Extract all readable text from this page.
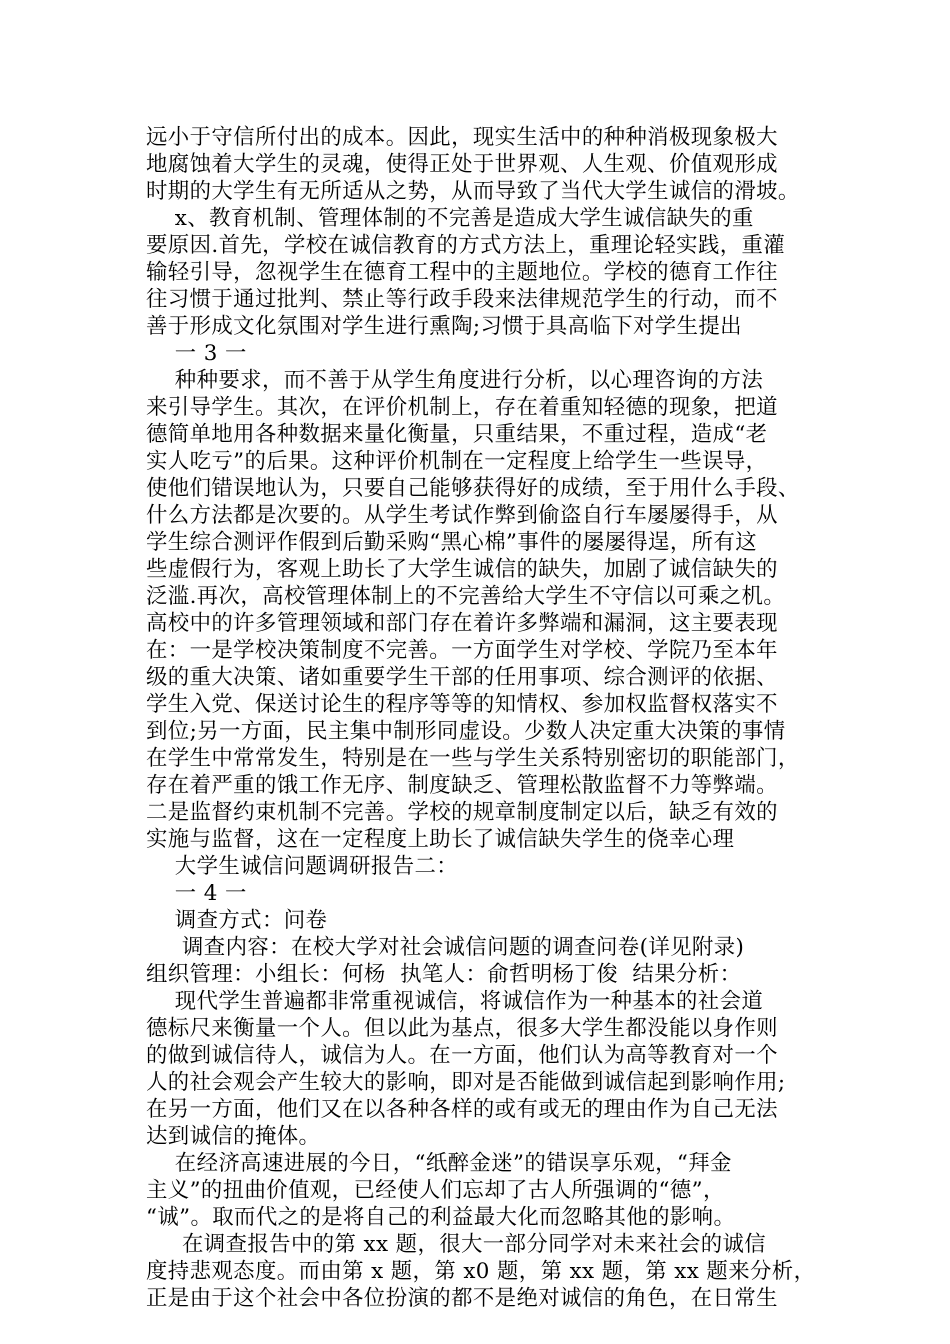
远小于守信所付出的成本。因此，现实生活中的种种消极现象极大
地腐蚀着大学生的灵魂，使得正处于世界观、人生观、价值观形成
时期的大学生有无所适从之势，从而导致了当代大学生诚信的滑坡。
x、教育机制、管理体制的不完善是造成大学生诚信缺失的重
要原因.首先，学校在诚信教育的方式方法上，重理论轻实践，重灌
输轻引导，忽视学生在德育工程中的主题地位。学校的德育工作往
往习惯于通过批判、禁止等行政手段来法律规范学生的行动，而不
善于形成文化氛围对学生进行熏陶;习惯于具高临下对学生提出
一 3 一
种种要求，而不善于从学生角度进行分析，以心理咨询的方法
来引导学生。其次，在评价机制上，存在着重知轻德的现象，把道
德简单地用各种数据来量化衡量，只重结果，不重过程，造成“老
实人吃亏”的后果。这种评价机制在一定程度上给学生一些误导，
使他们错误地认为，只要自己能够获得好的成绩，至于用什么手段、
什么方法都是次要的。从学生考试作弊到偷盗自行车屡屡得手，从
学生综合测评作假到后勤采购“黑心棉”事件的屡屡得逞，所有这
些虚假行为，客观上助长了大学生诚信的缺失，加剧了诚信缺失的
泛滥.再次，高校管理体制上的不完善给大学生不守信以可乘之机。
高校中的许多管理领域和部门存在着许多弊端和漏洞，这主要表现
在：一是学校决策制度不完善。一方面学生对学校、学院乃至本年
级的重大决策、诸如重要学生干部的任用事项、综合测评的依据、
学生入党、保送讨论生的程序等等的知情权、参加权监督权落实不
到位;另一方面，民主集中制形同虚设。少数人决定重大决策的事情
在学生中常常发生，特别是在一些与学生关系特别密切的职能部门，
存在着严重的饿工作无序、制度缺乏、管理松散监督不力等弊端。
二是监督约束机制不完善。学校的规章制度制定以后，缺乏有效的
实施与监督，这在一定程度上助长了诚信缺失学生的侥幸心理
大学生诚信问题调研报告二：
一 4 一
调查方式：问卷
调查内容：在校大学对社会诚信问题的调查问卷(详见附录)
组织管理：小组长：何杨  执笔人：俞哲明杨丁俊  结果分析：
现代学生普遍都非常重视诚信，将诚信作为一种基本的社会道
德标尺来衡量一个人。但以此为基点，很多大学生都没能以身作则
的做到诚信待人，诚信为人。在一方面，他们认为高等教育对一个
人的社会观会产生较大的影响，即对是否能做到诚信起到影响作用;
在另一方面，他们又在以各种各样的或有或无的理由作为自己无法
达到诚信的掩体。
在经济高速进展的今日，“纸醉金迷”的错误享乐观，“拜金
主义”的扭曲价值观，已经使人们忘却了古人所强调的“德”，
“诚”。取而代之的是将自己的利益最大化而忽略其他的影响。
在调查报告中的第 xx 题，很大一部分同学对未来社会的诚信
度持悲观态度。而由第 x 题，第 x0 题，第 xx 题，第 xx 题来分析，
正是由于这个社会中各位扮演的都不是绝对诚信的角色，在日常生
